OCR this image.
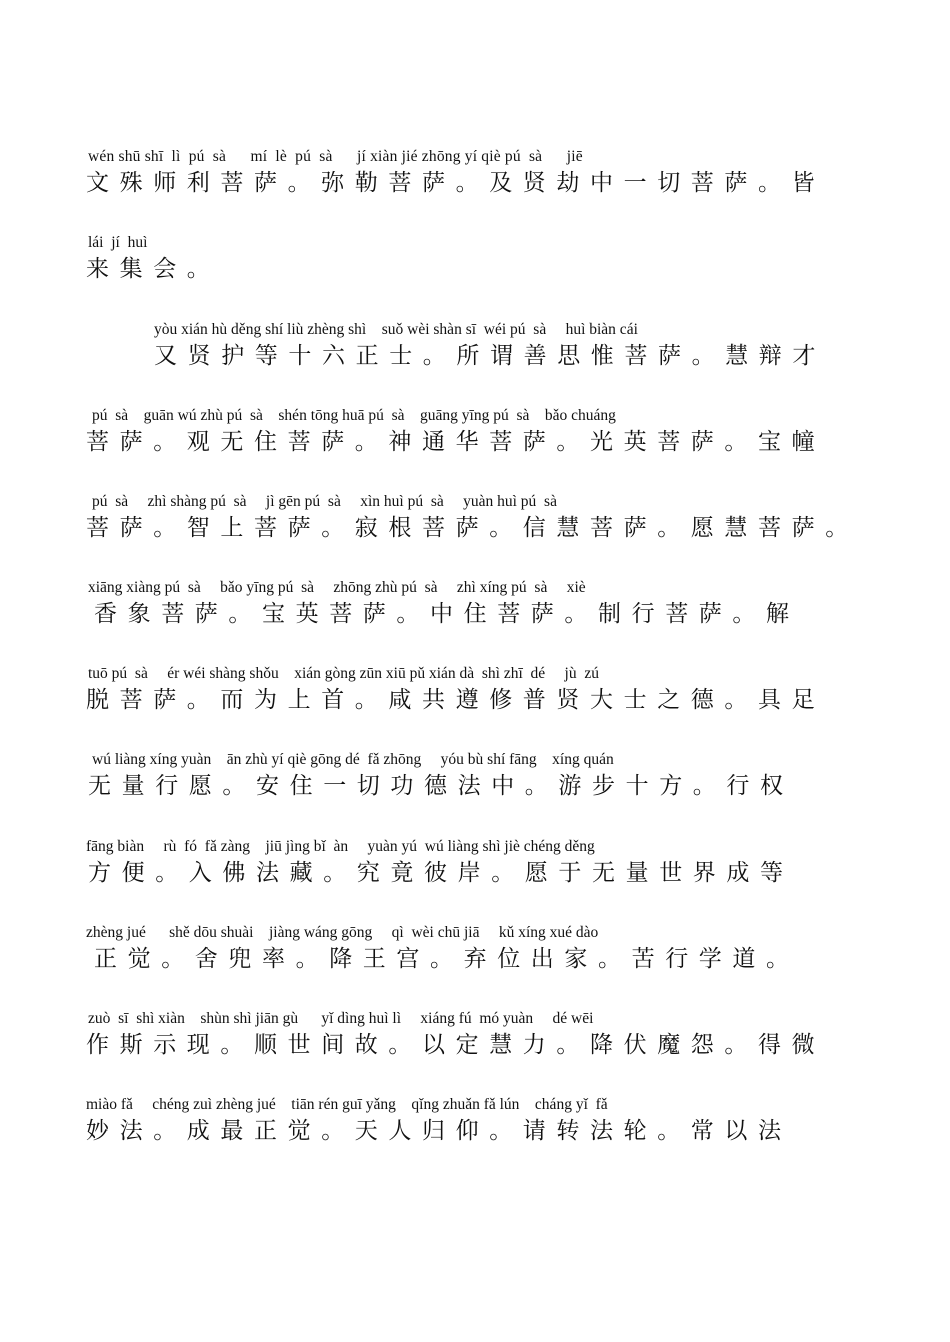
wén shū shī  lì  pú  sà      mí  lè  pú  sà      jí xiàn jié zhōng yí qiè pú  sà      jiē
文殊师利菩萨。弥勒菩萨。及贤劫中一切菩萨。皆
lái  jí  huì
来集会。
yòu xián hù děng shí liù zhèng shì    suǒ wèi shàn sī  wéi pú  sà     huì biàn cái
又贤护等十六正士。所谓善思惟菩萨。慧辩才
pú  sà    guān wú zhù pú  sà    shén tōng huā pú  sà    guāng yīng pú  sà    bǎo chuáng
菩萨。观无住菩萨。神通华菩萨。光英菩萨。宝幢
pú  sà     zhì shàng pú  sà     jì gēn pú  sà     xìn huì pú  sà     yuàn huì pú  sà
菩萨。智上菩萨。寂根菩萨。信慧菩萨。愿慧菩萨。
xiāng xiàng pú  sà     bǎo yīng pú  sà     zhōng zhù pú  sà     zhì xíng pú  sà     xiè
香象菩萨。宝英菩萨。中住菩萨。制行菩萨。解
tuō pú  sà     ér wéi shàng shǒu    xián gòng zūn xiū pǔ xián dà  shì zhī  dé     jù  zú
脱菩萨。而为上首。咸共遵修普贤大士之德。具足
wú liàng xíng yuàn    ān zhù yí qiè gōng dé  fǎ zhōng     yóu bù shí fāng    xíng quán
无量行愿。安住一切功德法中。游步十方。行权
fāng biàn     rù  fó  fǎ zàng    jiū jìng bǐ  àn     yuàn yú  wú liàng shì jiè chéng děng
方便。入佛法藏。究竟彼岸。愿于无量世界成等
zhèng jué      shě dōu shuài    jiàng wáng gōng     qì  wèi chū jiā     kǔ xíng xué dào
正觉。舍兜率。降王宫。弃位出家。苦行学道。
zuò  sī  shì xiàn    shùn shì jiān gù      yǐ dìng huì lì     xiáng fú  mó yuàn     dé wēi
作斯示现。顺世间故。以定慧力。降伏魔怨。得微
miào fǎ     chéng zuì zhèng jué    tiān rén guī yǎng    qǐng zhuǎn fǎ lún    cháng yǐ  fǎ
妙法。成最正觉。天人归仰。请转法轮。常以法
